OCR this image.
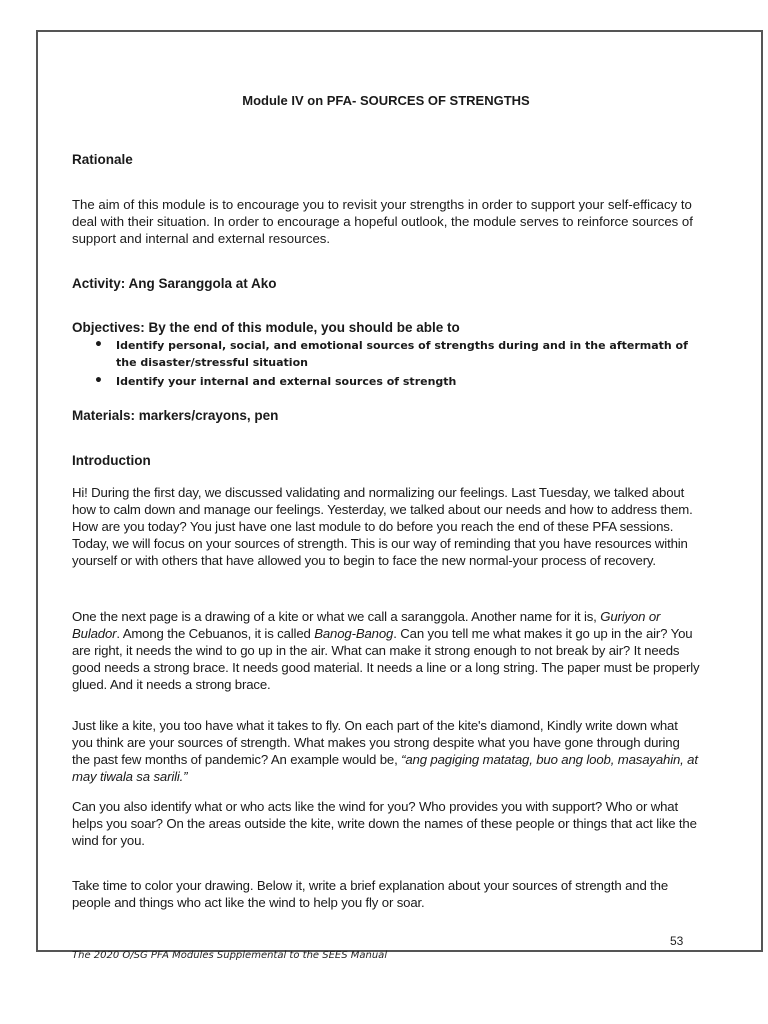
Module IV on PFA- SOURCES OF STRENGTHS
Rationale

The aim of this module is to encourage you to revisit your strengths in order to support your self-efficacy to deal with their situation. In order to encourage a hopeful outlook, the module serves to reinforce sources of support and internal and external resources.

Activity: Ang Saranggola at Ako
Objectives: By the end of this module, you should be able to
• Identify personal, social, and emotional sources of strengths during and in the aftermath of the disaster/stressful situation
• Identify your internal and external sources of strength
Materials: markers/crayons, pen
Introduction

Hi! During the first day, we discussed validating and normalizing our feelings. Last Tuesday, we talked about how to calm down and manage our feelings. Yesterday, we talked about our needs and how to address them. How are you today? You just have one last module to do before you reach the end of these PFA sessions. Today, we will focus on your sources of strength. This is our way of reminding that you have resources within yourself or with others that have allowed you to begin to face the new normal-your process of recovery.

One the next page is a drawing of a kite or what we call a saranggola. Another name for it is, Guriyon or Bulador. Among the Cebuanos, it is called Banog-Banog. Can you tell me what makes it go up in the air? You are right, it needs the wind to go up in the air. What can make it strong enough to not break by air? It needs good needs a strong brace. It needs good material. It needs a line or a long string. The paper must be properly glued. And it needs a strong brace.

Just like a kite, you too have what it takes to fly. On each part of the kite's diamond, Kindly write down what you think are your sources of strength. What makes you strong despite what you have gone through during the past few months of pandemic? An example would be, “ang pagiging matatag, buo ang loob, masayahin, at may tiwala sa sarili.”

Can you also identify what or who acts like the wind for you? Who provides you with support? Who or what helps you soar? On the areas outside the kite, write down the names of these people or things that act like the wind for you.

Take time to color your drawing. Below it, write a brief explanation about your sources of strength and the people and things who act like the wind to help you fly or soar.

53
The 2020 O/SG PFA Modules Supplemental to the SEES Manual
